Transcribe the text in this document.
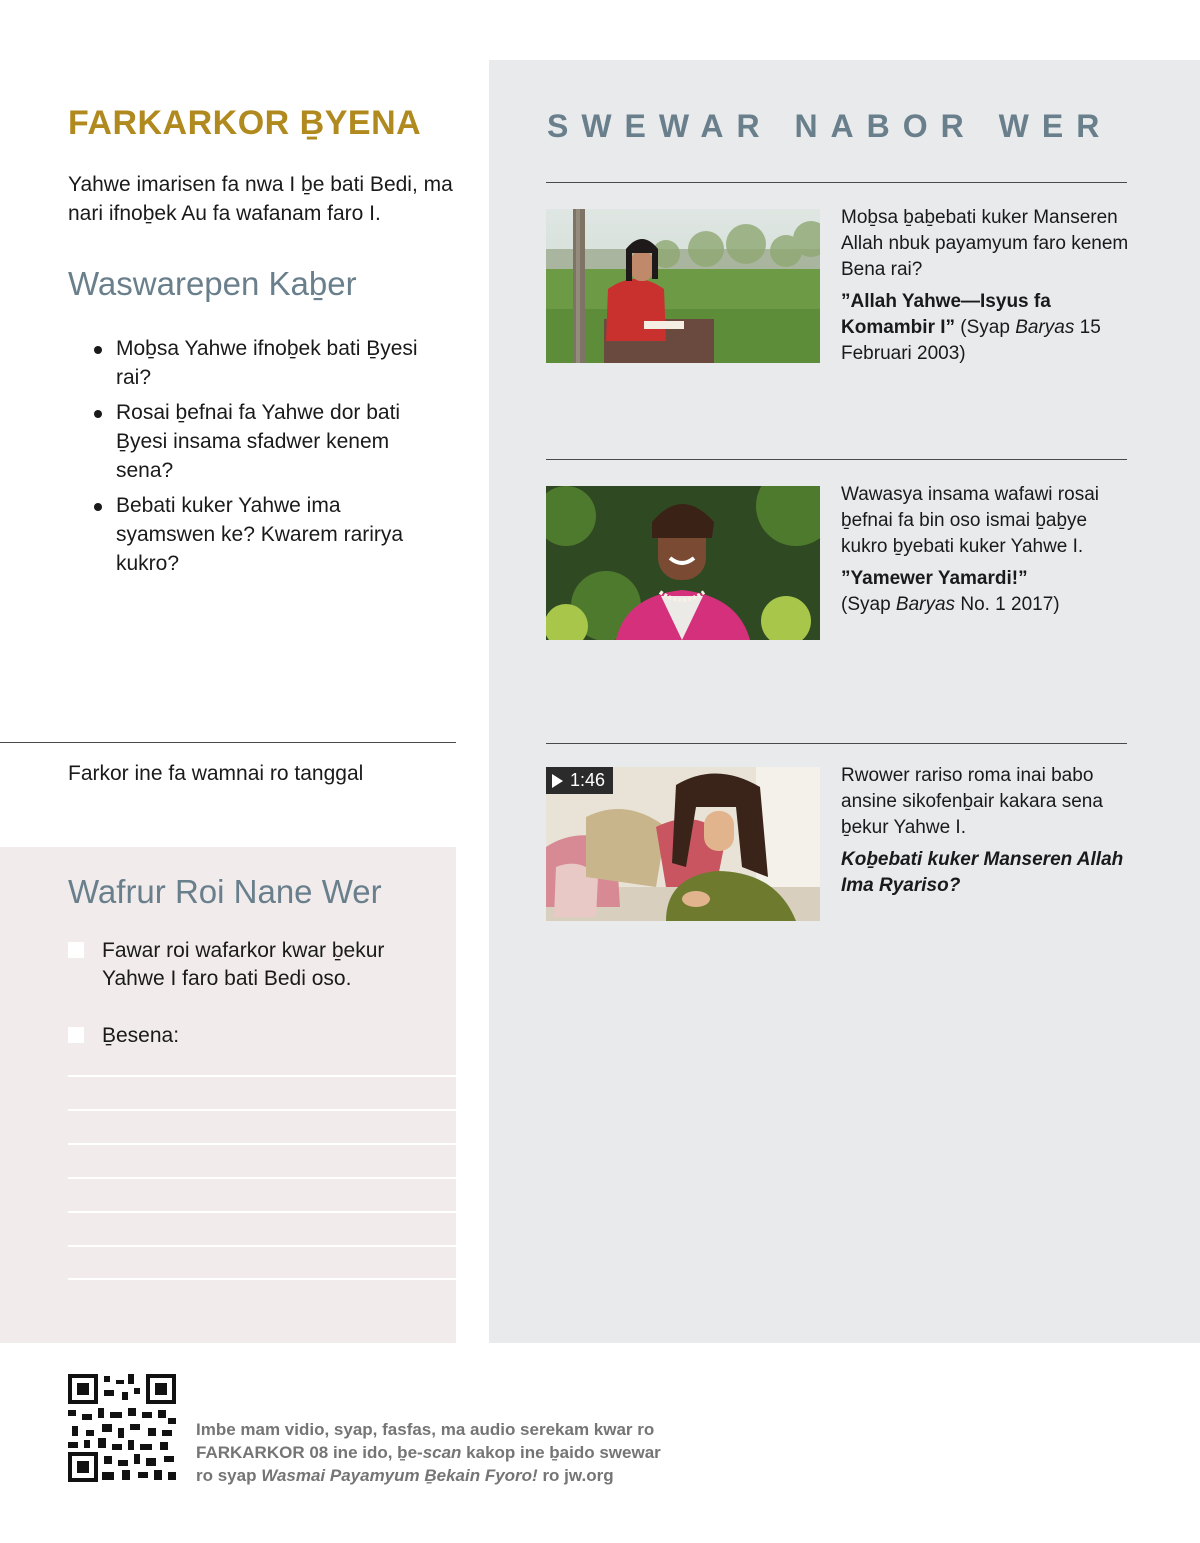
FARKARKOR ḆYENA

Yahwe imarisen fa nwa I ḇe bati Bedi, ma nari ifnoḇek Au fa wafanam faro I.

Waswarepen Kaḇer
Moḇsa Yahwe ifnoḇek bati Ḇyesi rai?
Rosai ḇefnai fa Yahwe dor bati Ḇyesi insama sfadwer kenem sena?
Bebati kuker Yahwe ima syamswen ke? Kwarem rarirya kukro?

Farkor ine fa wamnai ro tanggal

Wafrur Roi Nane Wer
Fawar roi wafarkor kwar ḇekur Yahwe I faro bati Bedi oso.
Ḇesena:
SWEWAR NABOR WER

Moḇsa ḇaḇebati kuker Manseren Allah nbuk payamyum faro kenem Bena rai?

”Allah Yahwe—Isyus fa Komambir I” (Syap Baryas 15 Februari 2003)

Wawasya insama wafawi rosai ḇefnai fa bin oso ismai ḇaḇye kukro ḇyebati kuker Yahwe I.

”Yamewer Yamardi!”
(Syap Baryas No. 1 2017)

1:46	Rwower rariso roma inai babo ansine sikofenḇair kakara sena ḇekur Yahwe I.

Koḇebati kuker Manseren Allah Ima Ryariso?

Imbe mam vidio, syap, fasfas, ma audio serekam kwar ro
FARKARKOR 08 ine ido, ḇe-scan kakop ine ḇaido swewar
ro syap Wasmai Payamyum Ḇekain Fyoro! ro jw.org
